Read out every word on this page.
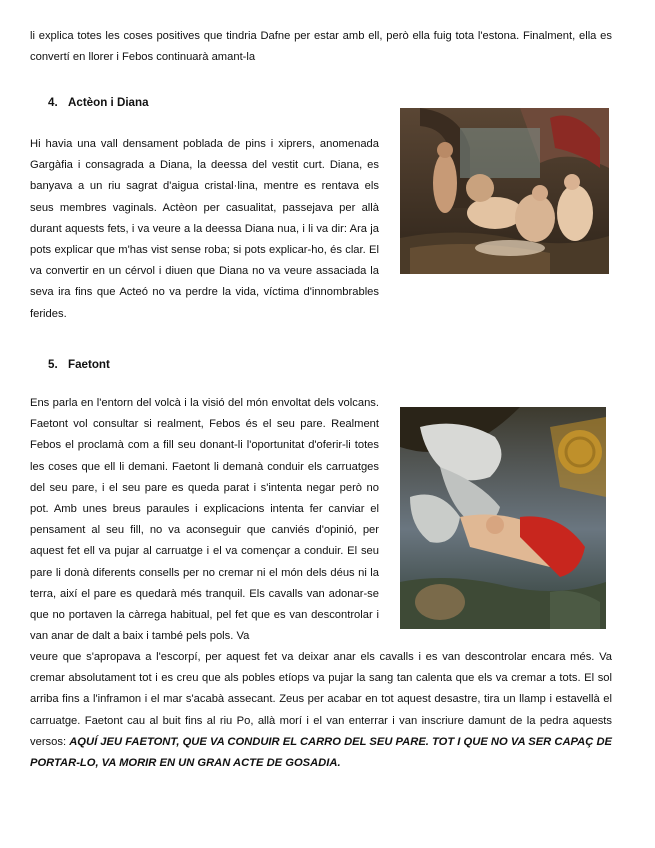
li explica totes les coses positives que tindria Dafne per estar amb ell, però ella fuig tota l'estona. Finalment, ella es convertí en llorer i Febos continuarà amant-la

4. Actèon i Diana

Hi havia una vall densament poblada de pins i xiprers, anomenada Gargàfia i consagrada a Diana, la deessa del vestit curt. Diana, es banyava a un riu sagrat d'aigua cristal·lina, mentre es rentava els seus membres vaginals. Actèon per casualitat, passejava per allà durant aquests fets, i va veure a la deessa Diana nua, i li va dir: Ara ja pots explicar que m'has vist sense roba; si pots explicar-ho, és clar. El va convertir en un cérvol i diuen que Diana no va veure assaciada la seva ira fins que Acteó no va perdre la vida, víctima d'innombrables ferides.

5. Faetont

Ens parla en l'entorn del volcà i la visió del món envoltat dels volcans. Faetont vol consultar si realment, Febos és el seu pare. Realment Febos el proclamà com a fill seu donant-li l'oportunitat d'oferir-li totes les coses que ell li demani. Faetont li demanà conduir els carruatges del seu pare, i el seu pare es queda parat i s'intenta negar però no pot. Amb unes breus paraules i explicacions intenta fer canviar el pensament al seu fill, no va aconseguir que canviés d'opinió, per aquest fet ell va pujar al carruatge i el va començar a conduir. El seu pare li donà diferents consells per no cremar ni el món dels déus ni la terra, així el pare es quedarà més tranquil. Els cavalls van adonar-se que no portaven la càrrega habitual, pel fet que es van descontrolar i van anar de dalt a baix i també pels pols. Va

veure que s'apropava a l'escorpí, per aquest fet va deixar anar els cavalls i es van descontrolar encara més. Va cremar absolutament tot i es creu que als pobles etíops va pujar la sang tan calenta que els va cremar a tots. El sol arriba fins a l'inframon i el mar s'acabà assecant. Zeus per acabar en tot aquest desastre, tira un llamp i estavellà el carruatge. Faetont cau al buit fins al riu Po, allà morí i el van enterrar i van inscriure damunt de la pedra aquests versos: AQUÍ JEU FAETONT, QUE VA CONDUIR EL CARRO DEL SEU PARE. TOT I QUE NO VA SER CAPAÇ DE PORTAR-LO, VA MORIR EN UN GRAN ACTE DE GOSADIA.
